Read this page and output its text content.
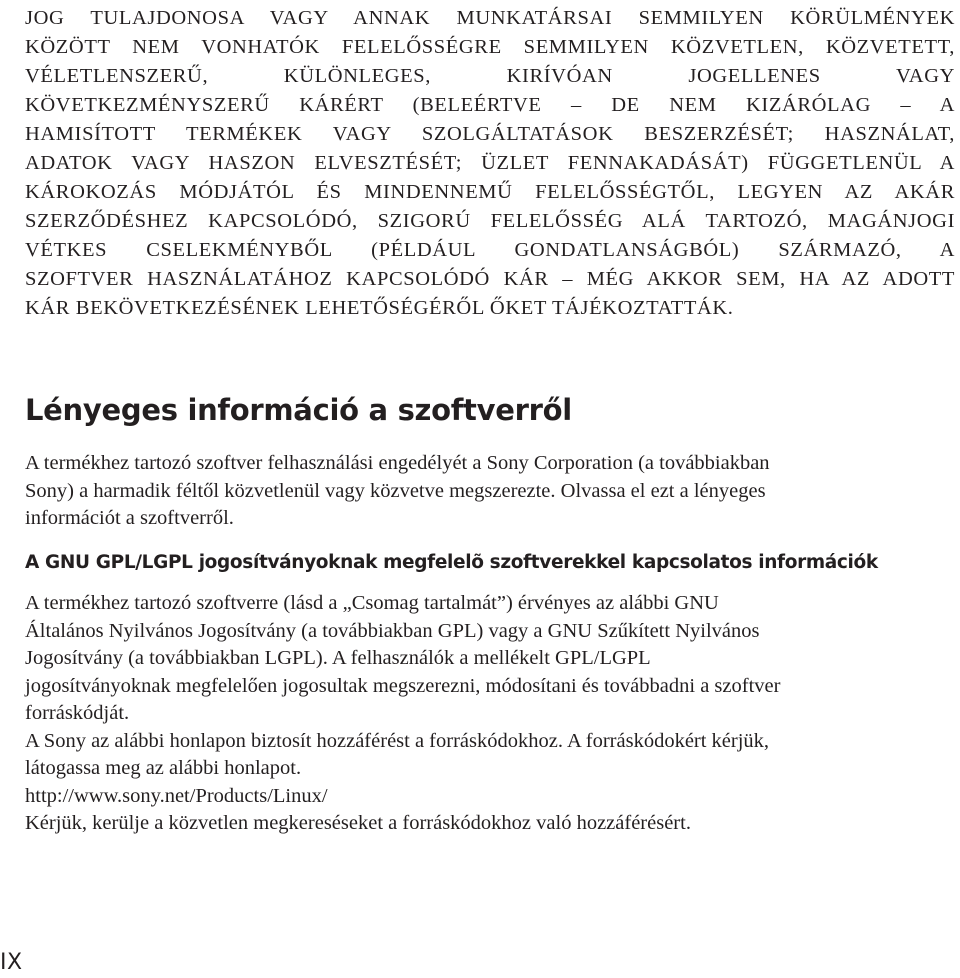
JOG TULAJDONOSA VAGY ANNAK MUNKATÁRSAI SEMMILYEN KÖRÜLMÉNYEK
KÖZÖTT NEM VONHATÓK FELELŐSSÉGRE SEMMILYEN KÖZVETLEN, KÖZVETETT,
VÉLETLENSZERŰ, KÜLÖNLEGES, KIRÍVÓAN JOGELLENES VAGY
KÖVETKEZMÉNYSZERŰ KÁRÉRT (BELEÉRTVE – DE NEM KIZÁRÓLAG – A
HAMISÍTOTT TERMÉKEK VAGY SZOLGÁLTATÁSOK BESZERZÉSÉT; HASZNÁLAT,
ADATOK VAGY HASZON ELVESZTÉSÉT; ÜZLET FENNAKADÁSÁT) FÜGGETLENÜL A
KÁROKOZÁS MÓDJÁTÓL ÉS MINDENNEMŰ FELELŐSSÉGTŐL, LEGYEN AZ AKÁR
SZERZŐDÉSHEZ KAPCSOLÓDÓ, SZIGORÚ FELELŐSSÉG ALÁ TARTOZÓ, MAGÁNJOGI
VÉTKES CSELEKMÉNYBŐL (PÉLDÁUL GONDATLANSÁGBÓL) SZÁRMAZÓ, A
SZOFTVER HASZNÁLATÁHOZ KAPCSOLÓDÓ KÁR – MÉG AKKOR SEM, HA AZ ADOTT
KÁR BEKÖVETKEZÉSÉNEK LEHETŐSÉGÉRŐL ŐKET TÁJÉKOZTATTÁK.
Lényeges információ a szoftverről
A termékhez tartozó szoftver felhasználási engedélyét a Sony Corporation (a továbbiakban
Sony) a harmadik féltől közvetlenül vagy közvetve megszerezte. Olvassa el ezt a lényeges
információt a szoftverről.
A GNU GPL/LGPL jogosítványoknak megfelelõ szoftverekkel kapcsolatos információk
A termékhez tartozó szoftverre (lásd a „Csomag tartalmát”) érvényes az alábbi GNU
Általános Nyilvános Jogosítvány (a továbbiakban GPL) vagy a GNU Szűkített Nyilvános
Jogosítvány (a továbbiakban LGPL). A felhasználók a mellékelt GPL/LGPL
jogosítványoknak megfelelően jogosultak megszerezni, módosítani és továbbadni a szoftver
forráskódját.
A Sony az alábbi honlapon biztosít hozzáférést a forráskódokhoz. A forráskódokért kérjük,
látogassa meg az alábbi honlapot.
http://www.sony.net/Products/Linux/
Kérjük, kerülje a közvetlen megkereséseket a forráskódokhoz való hozzáférésért.
IX
